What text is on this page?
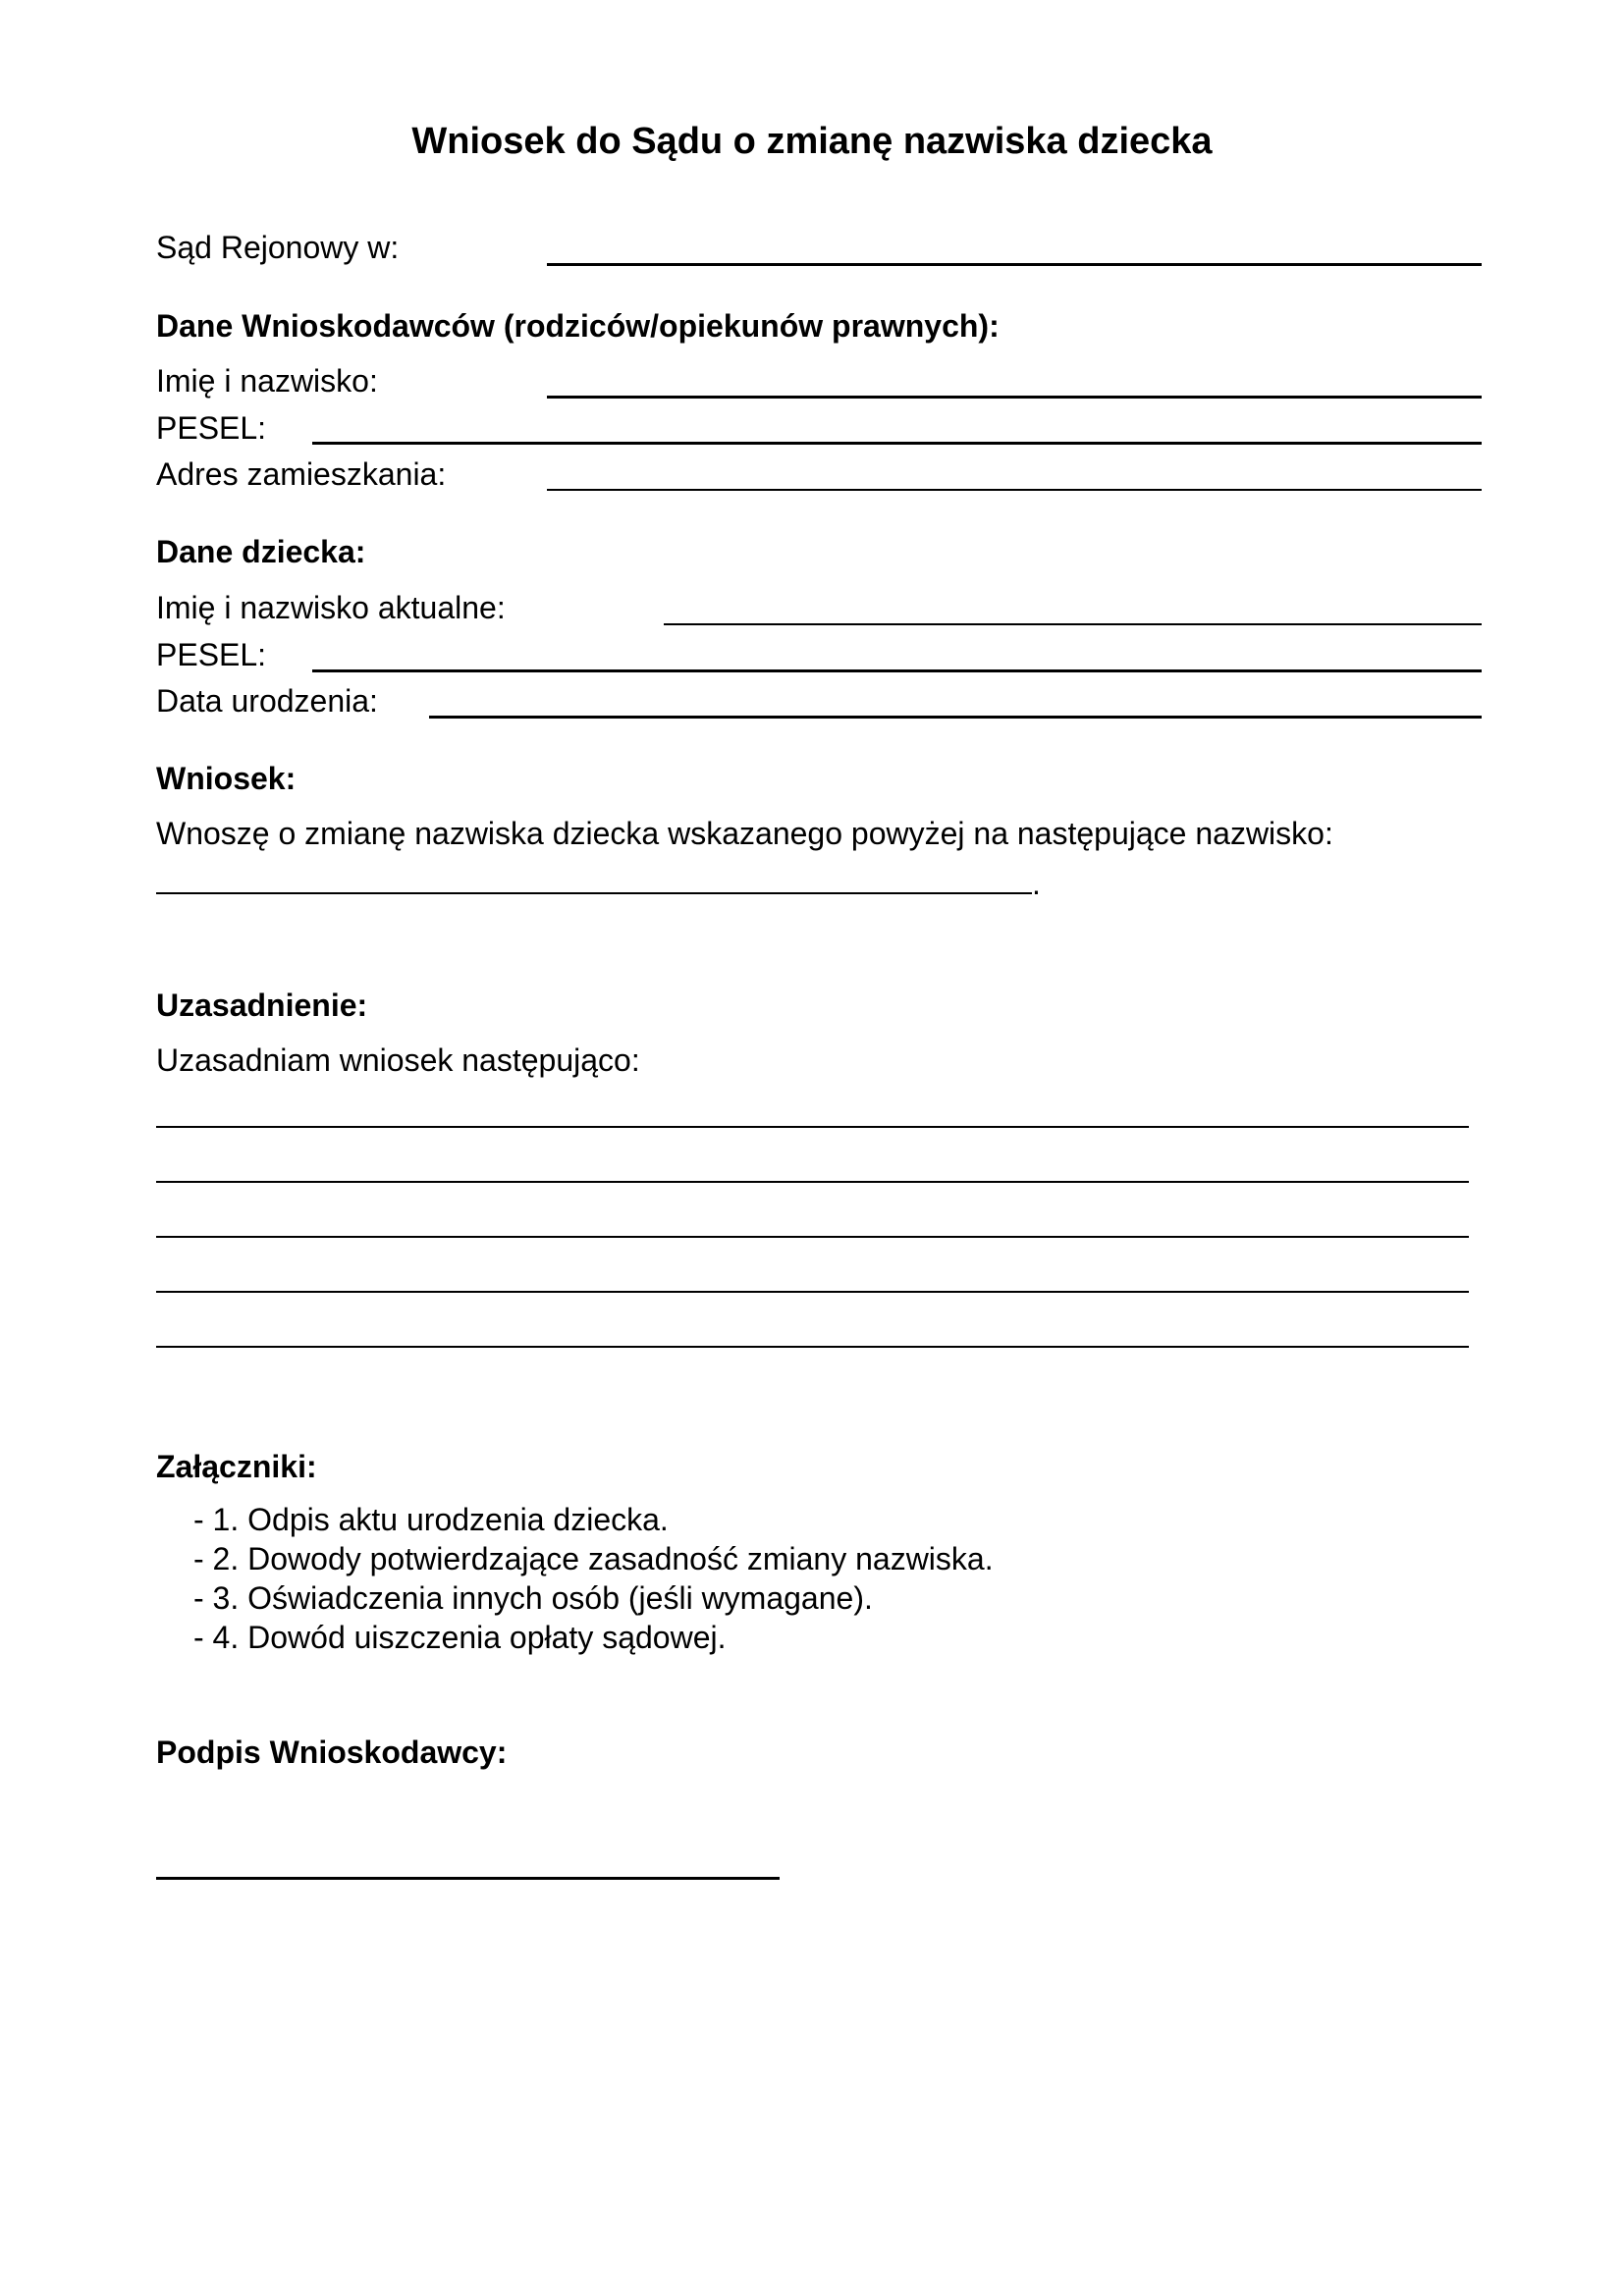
Wniosek do Sądu o zmianę nazwiska dziecka
Sąd Rejonowy w:
Dane Wnioskodawców (rodziców/opiekunów prawnych):
Imię i nazwisko:
PESEL:
Adres zamieszkania:
Dane dziecka:
Imię i nazwisko aktualne:
PESEL:
Data urodzenia:
Wniosek:
Wnoszę o zmianę nazwiska dziecka wskazanego powyżej na następujące nazwisko:
.
Uzasadnienie:
Uzasadniam wniosek następująco:
Załączniki:
- 1. Odpis aktu urodzenia dziecka.
- 2. Dowody potwierdzające zasadność zmiany nazwiska.
- 3. Oświadczenia innych osób (jeśli wymagane).
- 4. Dowód uiszczenia opłaty sądowej.
Podpis Wnioskodawcy:
